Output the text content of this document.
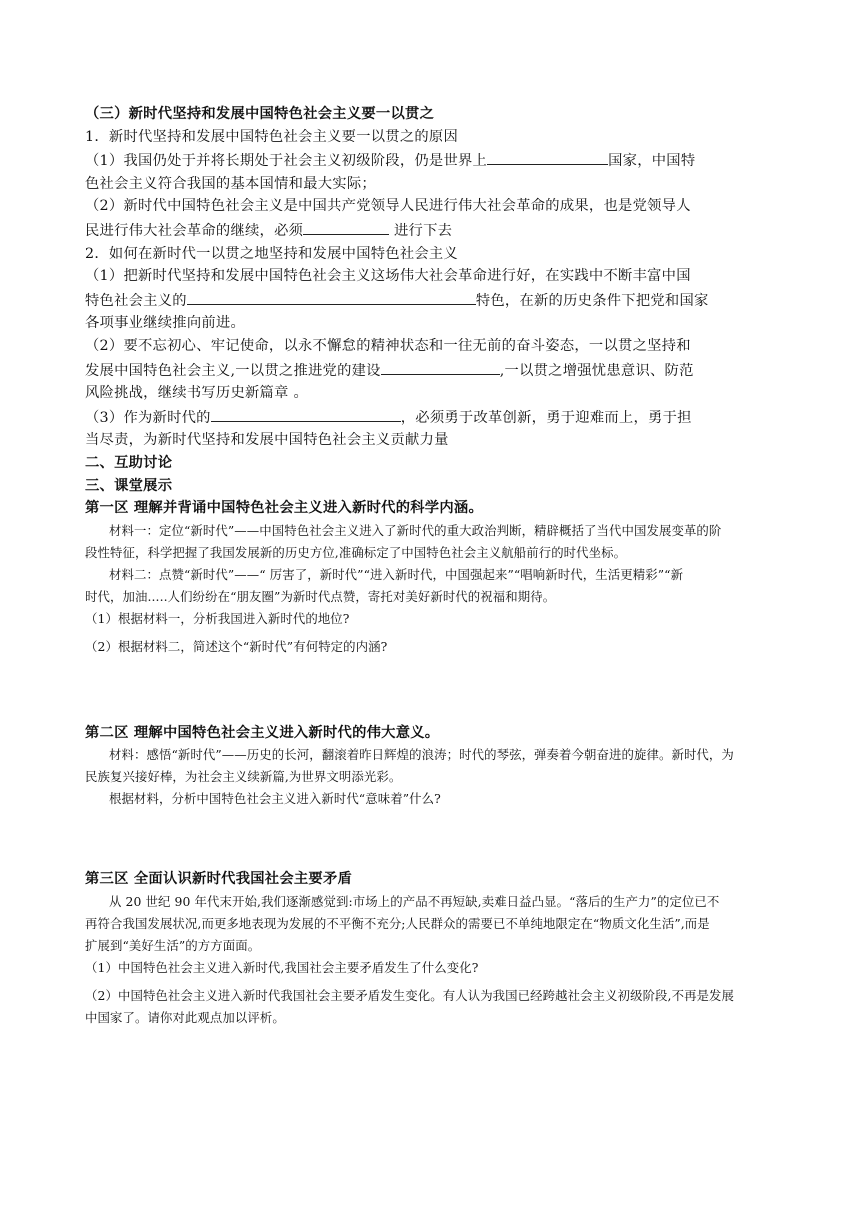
（三）新时代坚持和发展中国特色社会主义要一以贯之

1．新时代坚持和发展中国特色社会主义要一以贯之的原因

（1）我国仍处于并将长期处于社会主义初级阶段，仍是世界上	国家，中国特

色社会主义符合我国的基本国情和最大实际；

（2）新时代中国特色社会主义是中国共产党领导人民进行伟大社会革命的成果，也是党领导人

民进行伟大社会革命的继续，必须	进行下去

2．如何在新时代一以贯之地坚持和发展中国特色社会主义

（1）把新时代坚持和发展中国特色社会主义这场伟大社会革命进行好，在实践中不断丰富中国

特色社会主义的	特色，在新的历史条件下把党和国家

各项事业继续推向前进。

（2）要不忘初心、牢记使命，以永不懈怠的精神状态和一往无前的奋斗姿态，一以贯之坚持和

发展中国特色社会主义,一以贯之推进党的建设	,一以贯之增强忧患意识、防范

风险挑战，继续书写历史新篇章 。

（3）作为新时代的	，必须勇于改革创新，勇于迎难而上，勇于担

当尽责，为新时代坚持和发展中国特色社会主义贡献力量

二、互助讨论

三、课堂展示

第一区 理解并背诵中国特色社会主义进入新时代的科学内涵。

材料一：定位“新时代”——中国特色社会主义进入了新时代的重大政治判断，精辟概括了当代中国发展变革的阶

段性特征，科学把握了我国发展新的历史方位,准确标定了中国特色社会主义航船前行的时代坐标。

材料二：点赞“新时代”——“ 厉害了，新时代”“进入新时代，中国强起来”“唱响新时代，生活更精彩”“新

时代，加油.....人们纷纷在“朋友圈”为新时代点赞，寄托对美好新时代的祝福和期待。

（1）根据材料一，分析我国进入新时代的地位?

（2）根据材料二，简述这个“新时代”有何特定的内涵?

第二区 理解中国特色社会主义进入新时代的伟大意义。

材料：感悟“新时代”——历史的长河，翻滚着昨日辉煌的浪涛；时代的琴弦，弹奏着今朝奋进的旋律。新时代，为

民族复兴接好棒，为社会主义续新篇,为世界文明添光彩。

根据材料，分析中国特色社会主义进入新时代“意味着”什么?

第三区 全面认识新时代我国社会主要矛盾

从 20 世纪 90 年代末开始,我们逐渐感觉到:市场上的产品不再短缺,卖难日益凸显。“落后的生产力”的定位已不

再符合我国发展状况,而更多地表现为发展的不平衡不充分;人民群众的需要已不单纯地限定在“物质文化生活”,而是

扩展到“美好生活”的方方面面。

（1）中国特色社会主义进入新时代,我国社会主要矛盾发生了什么变化?

（2）中国特色社会主义进入新时代我国社会主要矛盾发生变化。有人认为我国已经跨越社会主义初级阶段,不再是发展

中国家了。请你对此观点加以评析。
